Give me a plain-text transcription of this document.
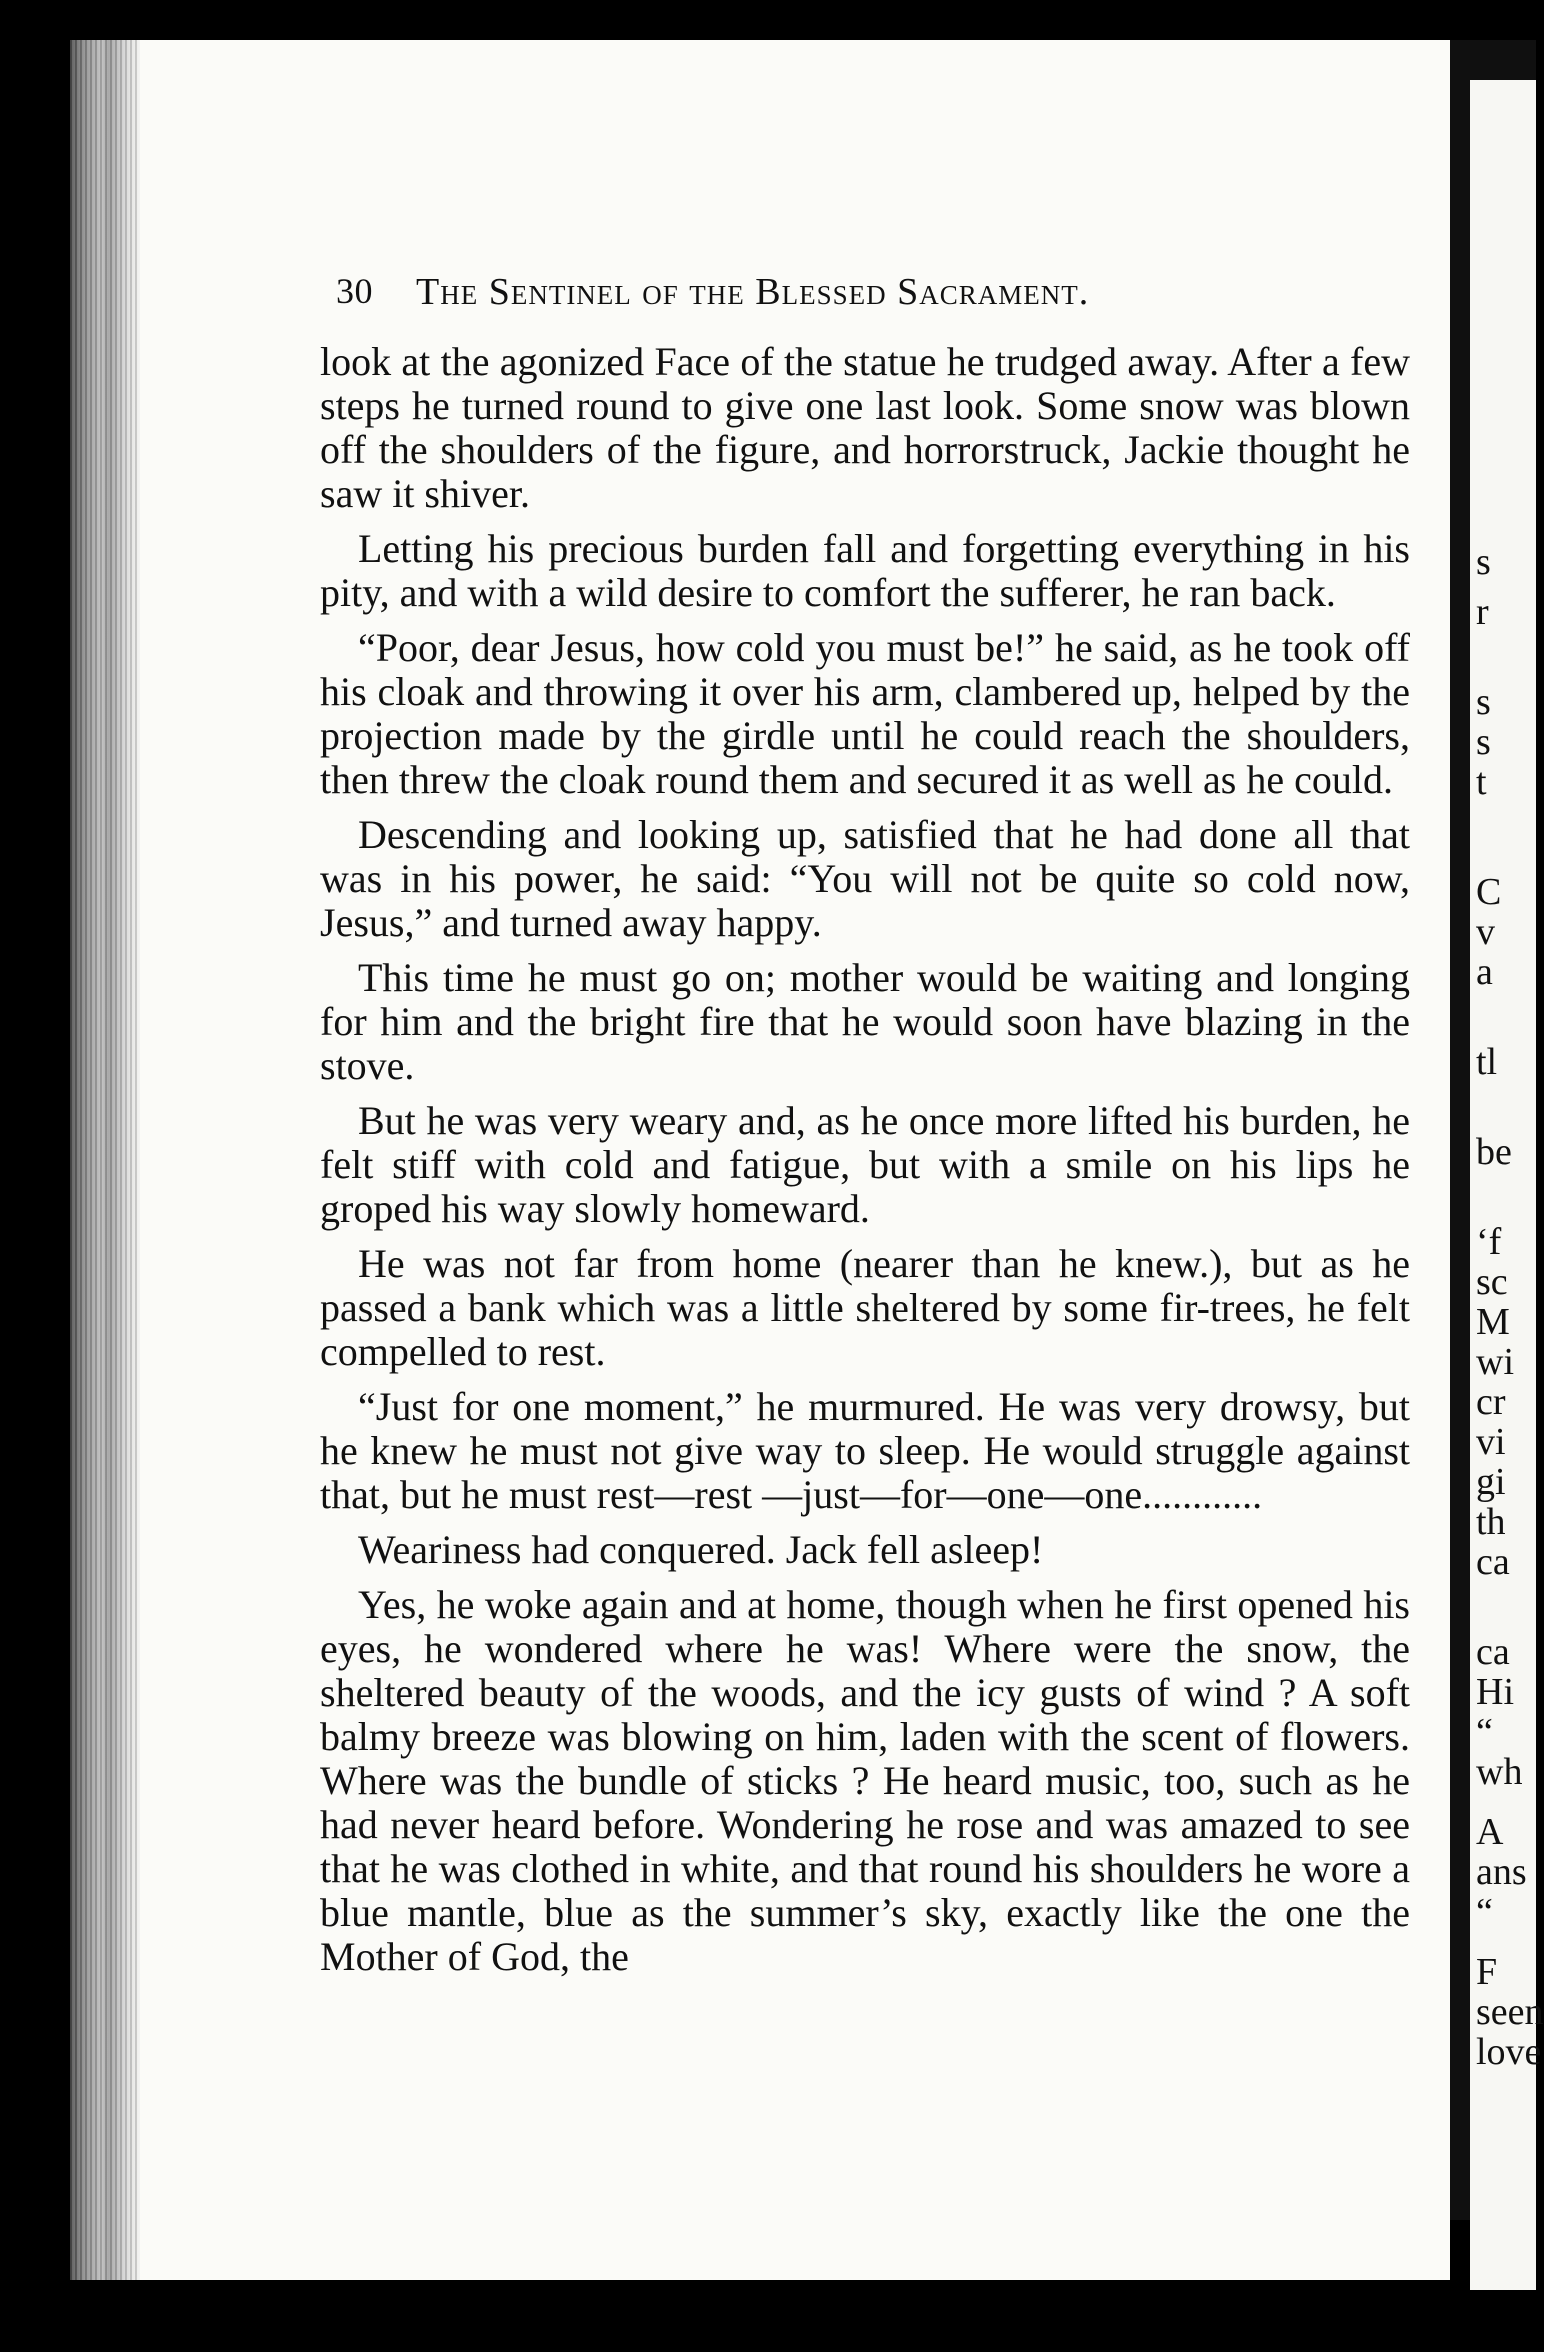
s
r
s
s
t
C
v
a
tl
be
‘f
sc
M
wi
cr
vi
gi
th
ca
ca
Hi
“
wh
A
ans
“
F
seen
love
30 The Sentinel of the Blessed Sacrament.

look at the agonized Face of the statue he trudged away. After a few steps he turned round to give one last look. Some snow was blown off the shoulders of the figure, and horrorstruck, Jackie thought he saw it shiver.

Letting his precious burden fall and forgetting everything in his pity, and with a wild desire to comfort the sufferer, he ran back.

“Poor, dear Jesus, how cold you must be!” he said, as he took off his cloak and throwing it over his arm, clambered up, helped by the projection made by the girdle until he could reach the shoulders, then threw the cloak round them and secured it as well as he could.

Descending and looking up, satisfied that he had done all that was in his power, he said: “You will not be quite so cold now, Jesus,” and turned away happy.

This time he must go on; mother would be waiting and longing for him and the bright fire that he would soon have blazing in the stove.

But he was very weary and, as he once more lifted his burden, he felt stiff with cold and fatigue, but with a smile on his lips he groped his way slowly homeward.

He was not far from home (nearer than he knew.), but as he passed a bank which was a little sheltered by some fir-trees, he felt compelled to rest.

“Just for one moment,” he murmured. He was very drowsy, but he knew he must not give way to sleep. He would struggle against that, but he must rest—rest —just—for—one—one............

Weariness had conquered. Jack fell asleep!

Yes, he woke again and at home, though when he first opened his eyes, he wondered where he was! Where were the snow, the sheltered beauty of the woods, and the icy gusts of wind ? A soft balmy breeze was blowing on him, laden with the scent of flowers. Where was the bundle of sticks ? He heard music, too, such as he had never heard before. Wondering he rose and was amazed to see that he was clothed in white, and that round his shoulders he wore a blue mantle, blue as the summer’s sky, exactly like the one the Mother of God, the
